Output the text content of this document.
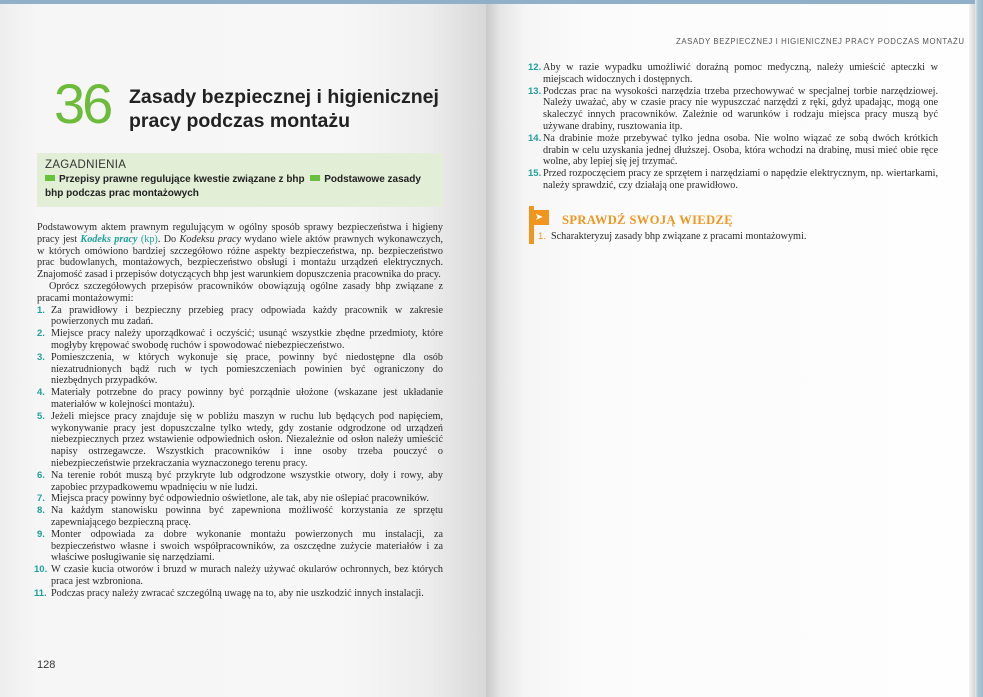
36 Zasady bezpiecznej i higienicznej pracy podczas montażu
ZAGADNIENIA
Przepisy prawne regulujące kwestie związane z bhp Podstawowe zasady bhp podczas prac montażowych

Podstawowym aktem prawnym regulującym w ogólny sposób sprawy bezpieczeństwa i higieny pracy jest Kodeks pracy (kp). Do Kodeksu pracy wydano wiele aktów prawnych wykonawczych, w których omówiono bardziej szczegółowo różne aspekty bezpieczeństwa, np. bezpieczeństwo prac budowlanych, montażowych, bezpieczeństwo obsługi i montażu urządzeń elektrycznych. Znajomość zasad i przepisów dotyczących bhp jest warunkiem dopuszczenia pracownika do pracy.

Oprócz szczegółowych przepisów pracowników obowiązują ogólne zasady bhp związane z pracami montażowymi:

1. Za prawidłowy i bezpieczny przebieg pracy odpowiada każdy pracownik w zakresie powierzonych mu zadań.
2. Miejsce pracy należy uporządkować i oczyścić; usunąć wszystkie zbędne przedmioty, które mogłyby krępować swobodę ruchów i spowodować niebezpieczeństwo.
3. Pomieszczenia, w których wykonuje się prace, powinny być niedostępne dla osób niezatrudnionych bądź ruch w tych pomieszczeniach powinien być ograniczony do niezbędnych przypadków.
4. Materiały potrzebne do pracy powinny być porządnie ułożone (wskazane jest układanie materiałów w kolejności montażu).
5. Jeżeli miejsce pracy znajduje się w pobliżu maszyn w ruchu lub będących pod napięciem, wykonywanie pracy jest dopuszczalne tylko wtedy, gdy zostanie odgrodzone od urządzeń niebezpiecznych przez wstawienie odpowiednich osłon. Niezależnie od osłon należy umieścić napisy ostrzegawcze. Wszystkich pracowników i inne osoby trzeba pouczyć o niebezpieczeństwie przekraczania wyznaczonego terenu pracy.
6. Na terenie robót muszą być przykryte lub odgrodzone wszystkie otwory, doły i rowy, aby zapobiec przypadkowemu wpadnięciu w nie ludzi.
7. Miejsca pracy powinny być odpowiednio oświetlone, ale tak, aby nie oślepiać pracowników.
8. Na każdym stanowisku powinna być zapewniona możliwość korzystania ze sprzętu zapewniającego bezpieczną pracę.
9. Monter odpowiada za dobre wykonanie montażu powierzonych mu instalacji, za bezpieczeństwo własne i swoich współpracowników, za oszczędne zużycie materiałów i za właściwe posługiwanie się narzędziami.
10. W czasie kucia otworów i bruzd w murach należy używać okularów ochronnych, bez których praca jest wzbroniona.
11. Podczas pracy należy zwracać szczególną uwagę na to, aby nie uszkodzić innych instalacji.
128
ZASADY BEZPIECZNEJ I HIGIENICZNEJ PRACY PODCZAS MONTAŻU
12. Aby w razie wypadku umożliwić doraźną pomoc medyczną, należy umieścić apteczki w miejscach widocznych i dostępnych.
13. Podczas prac na wysokości narzędzia trzeba przechowywać w specjalnej torbie narzędziowej. Należy uważać, aby w czasie pracy nie wypuszczać narzędzi z ręki, gdyż upadając, mogą one skaleczyć innych pracowników. Zależnie od warunków i rodzaju miejsca pracy muszą być używane drabiny, rusztowania itp.
14. Na drabinie może przebywać tylko jedna osoba. Nie wolno wiązać ze sobą dwóch krótkich drabin w celu uzyskania jednej dłuższej. Osoba, która wchodzi na drabinę, musi mieć obie ręce wolne, aby lepiej się jej trzymać.
15. Przed rozpoczęciem pracy ze sprzętem i narzędziami o napędzie elektrycznym, np. wiertarkami, należy sprawdzić, czy działają one prawidłowo.
➤	SPRAWDŹ SWOJĄ WIEDZĘ
1. Scharakteryzuj zasady bhp związane z pracami montażowymi.
